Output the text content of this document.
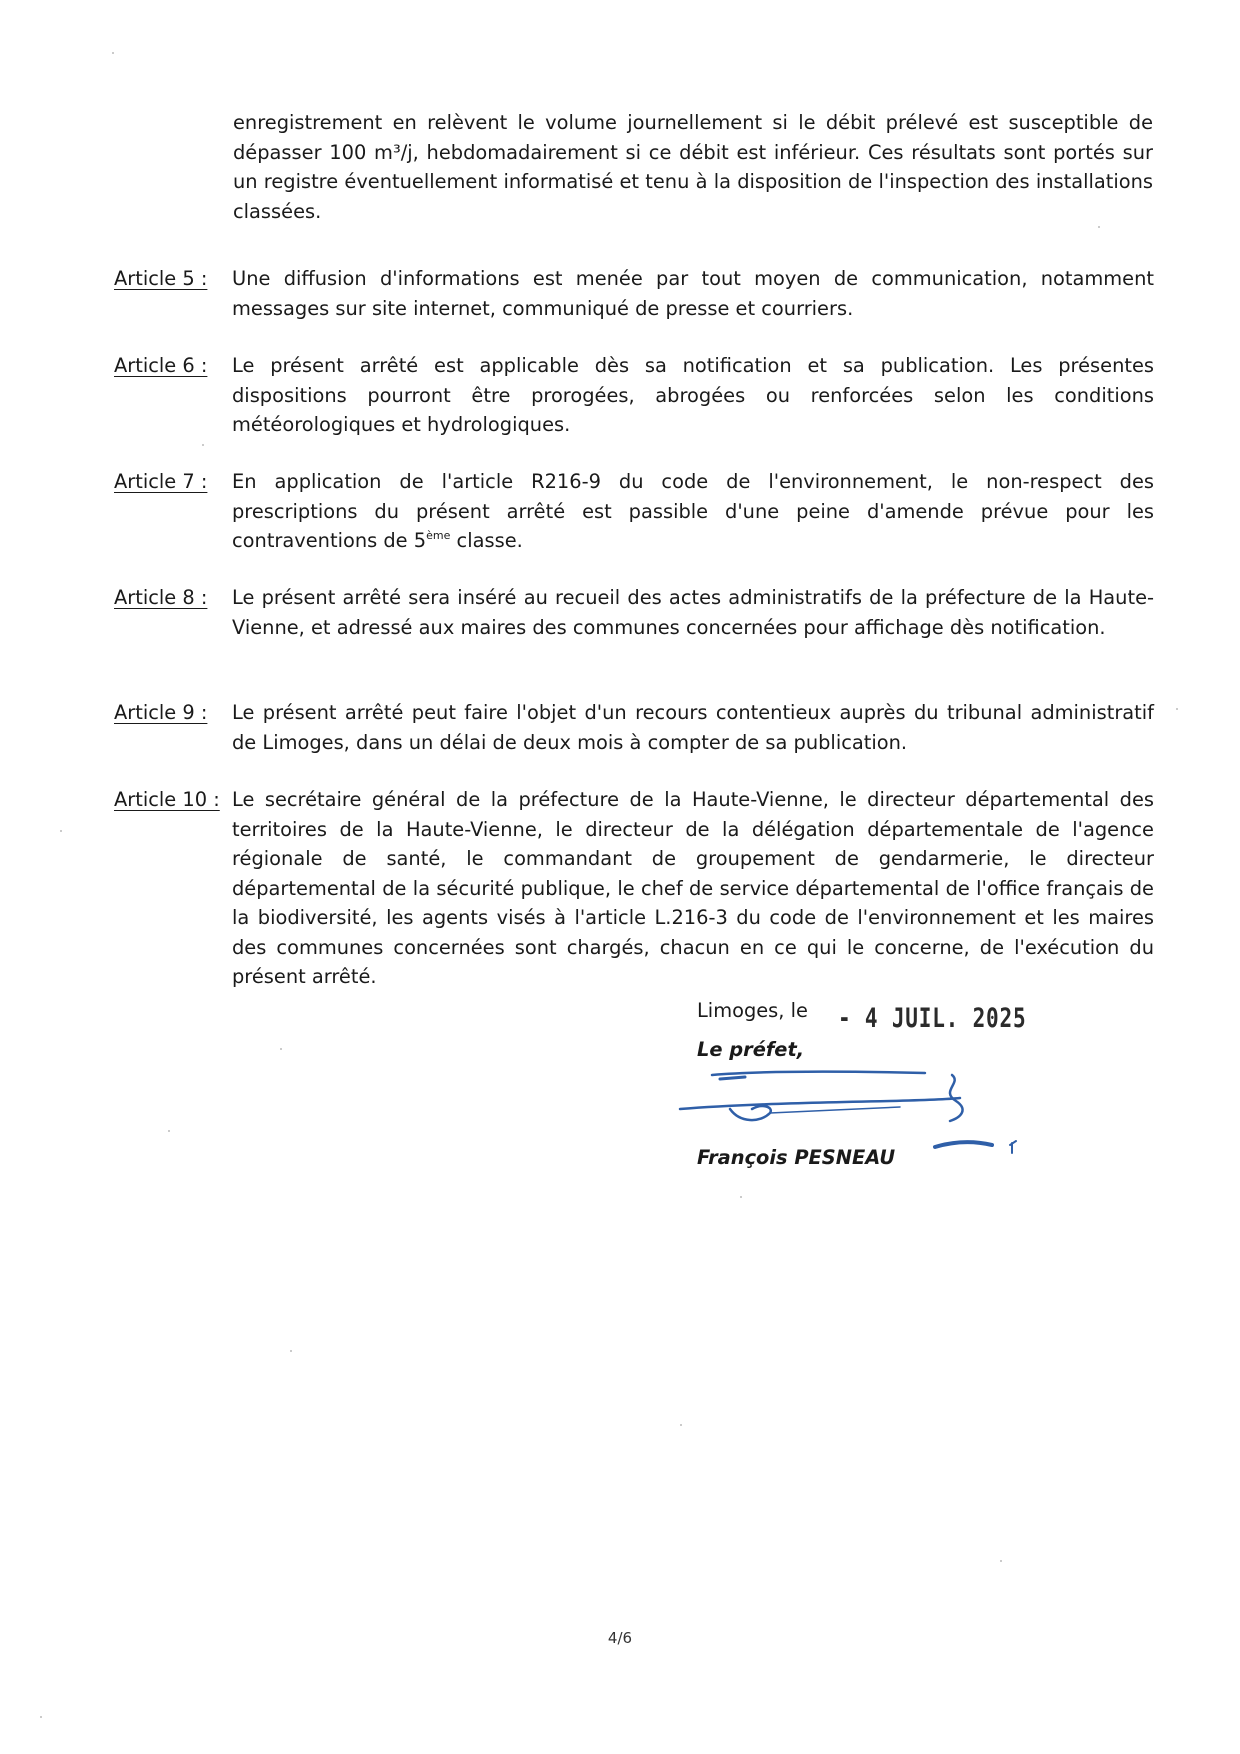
enregistrement en relèvent le volume journellement si le débit prélevé est susceptible de dépasser 100 m³/j, hebdomadairement si ce débit est inférieur. Ces résultats sont portés sur un registre éventuellement informatisé et tenu à la disposition de l'inspection des installations classées.

Article 5 :	Une diffusion d'informations est menée par tout moyen de communication, notamment messages sur site internet, communiqué de presse et courriers.

Article 6 :	Le présent arrêté est applicable dès sa notification et sa publication. Les présentes dispositions pourront être prorogées, abrogées ou renforcées selon les conditions météorologiques et hydrologiques.

Article 7 :	En application de l'article R216-9 du code de l'environnement, le non-respect des prescriptions du présent arrêté est passible d'une peine d'amende prévue pour les contraventions de 5ème classe.

Article 8 :	Le présent arrêté sera inséré au recueil des actes administratifs de la préfecture de la Haute-Vienne, et adressé aux maires des communes concernées pour affichage dès notification.

Article 9 :	Le présent arrêté peut faire l'objet d'un recours contentieux auprès du tribunal administratif de Limoges, dans un délai de deux mois à compter de sa publication.

Article 10 : Le secrétaire général de la préfecture de la Haute-Vienne, le directeur départemental des territoires de la Haute-Vienne, le directeur de la délégation départementale de l'agence régionale de santé, le commandant de groupement de gendarmerie, le directeur départemental de la sécurité publique, le chef de service départemental de l'office français de la biodiversité, les agents visés à l'article L.216-3 du code de l'environnement et les maires des communes concernées sont chargés, chacun en ce qui le concerne, de l'exécution du présent arrêté.

Limoges, le - 4 JUIL. 2025
Le préfet,
François PESNEAU
4/6
